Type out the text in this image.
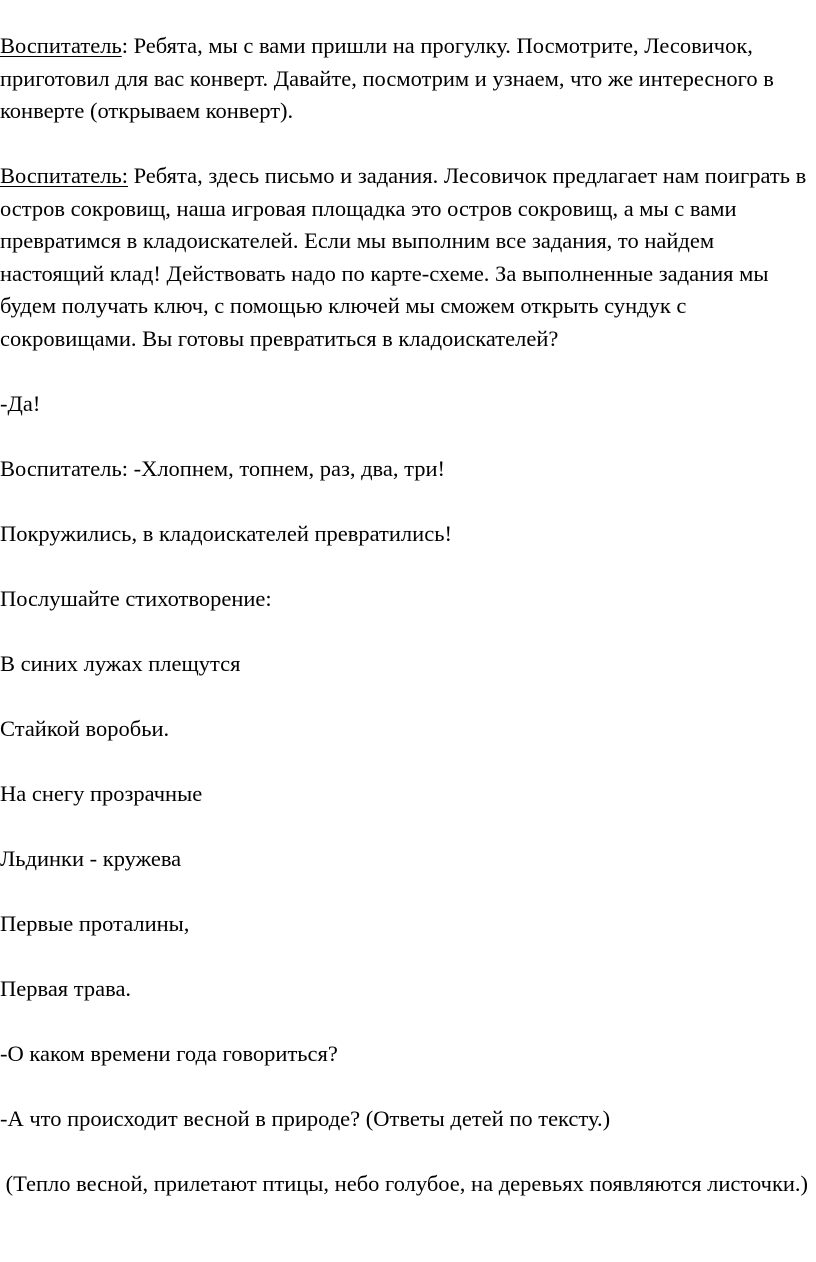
Воспитатель: Ребята, мы с вами пришли на прогулку. Посмотрите, Лесовичок, приготовил для вас конверт. Давайте, посмотрим и узнаем, что же интересного в конверте (открываем конверт).

Воспитатель: Ребята, здесь письмо и задания. Лесовичок предлагает нам поиграть в остров сокровищ, наша игровая площадка это остров сокровищ, а мы с вами превратимся в кладоискателей. Если мы выполним все задания, то найдем настоящий клад! Действовать надо по карте-схеме. За выполненные задания мы будем получать ключ, с помощью ключей мы сможем открыть сундук с сокровищами. Вы готовы превратиться в кладоискателей?

-Да!

Воспитатель: -Хлопнем, топнем, раз, два, три!

Покружились, в кладоискателей превратились!

Послушайте стихотворение:

В синих лужах плещутся

Стайкой воробьи.

На снегу прозрачные

Льдинки - кружева

Первые проталины,

Первая трава.

-О каком времени года говориться?

-А что происходит весной в природе? (Ответы детей по тексту.)

(Тепло весной, прилетают птицы, небо голубое, на деревьях появляются листочки.)
